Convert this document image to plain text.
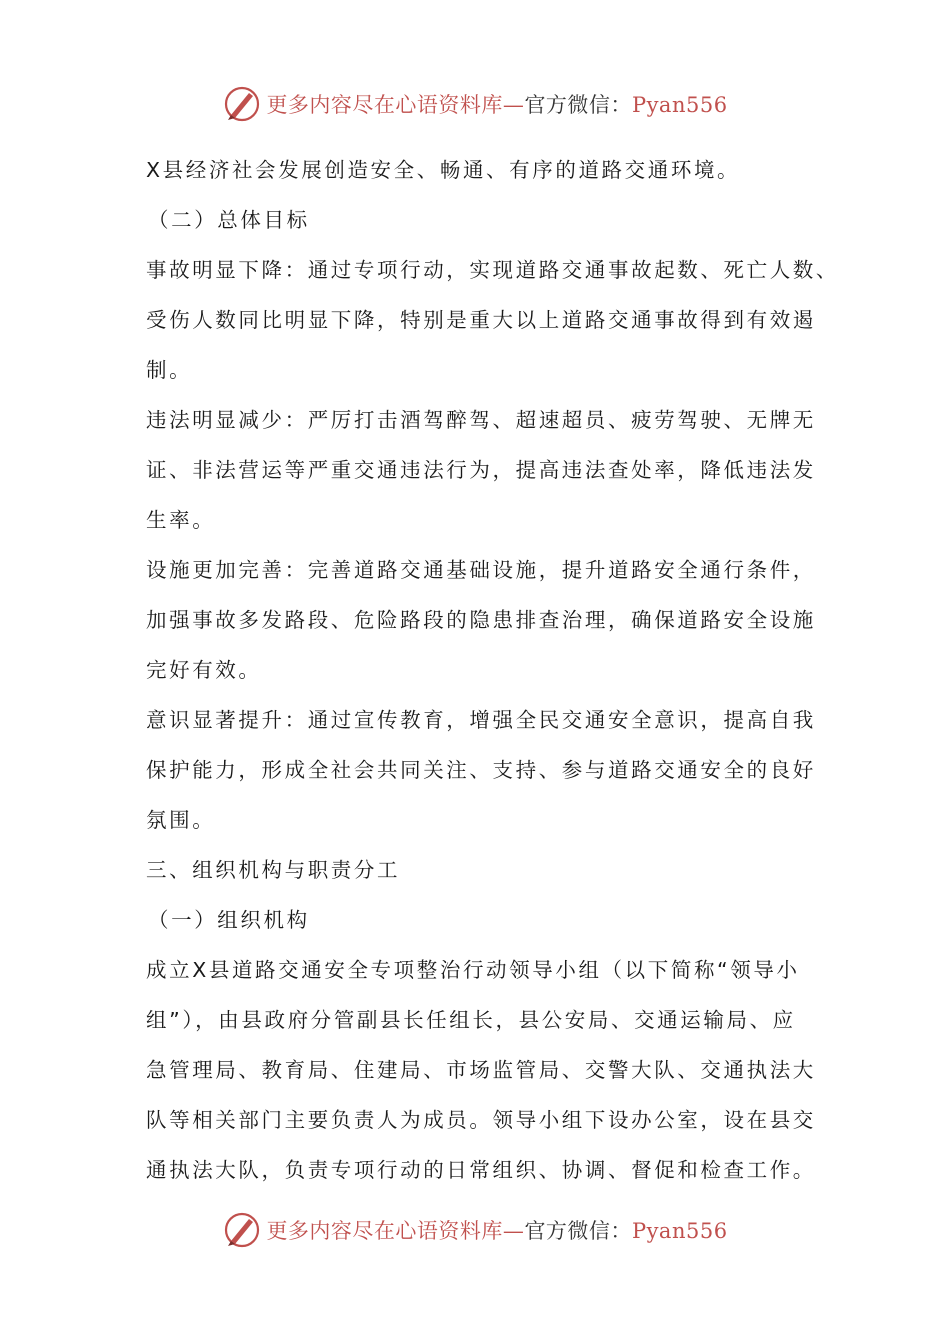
更多内容尽在心语资料库—官方微信：Pyan556
X县经济社会发展创造安全、畅通、有序的道路交通环境。
（二）总体目标
事故明显下降：通过专项行动，实现道路交通事故起数、死亡人数、
受伤人数同比明显下降，特别是重大以上道路交通事故得到有效遏
制。
违法明显减少：严厉打击酒驾醉驾、超速超员、疲劳驾驶、无牌无
证、非法营运等严重交通违法行为，提高违法查处率，降低违法发
生率。
设施更加完善：完善道路交通基础设施，提升道路安全通行条件，
加强事故多发路段、危险路段的隐患排查治理，确保道路安全设施
完好有效。
意识显著提升：通过宣传教育，增强全民交通安全意识，提高自我
保护能力，形成全社会共同关注、支持、参与道路交通安全的良好
氛围。
三、组织机构与职责分工
（一）组织机构
成立X县道路交通安全专项整治行动领导小组（以下简称“领导小
组”），由县政府分管副县长任组长，县公安局、交通运输局、应
急管理局、教育局、住建局、市场监管局、交警大队、交通执法大
队等相关部门主要负责人为成员。领导小组下设办公室，设在县交
通执法大队，负责专项行动的日常组织、协调、督促和检查工作。
更多内容尽在心语资料库—官方微信：Pyan556
